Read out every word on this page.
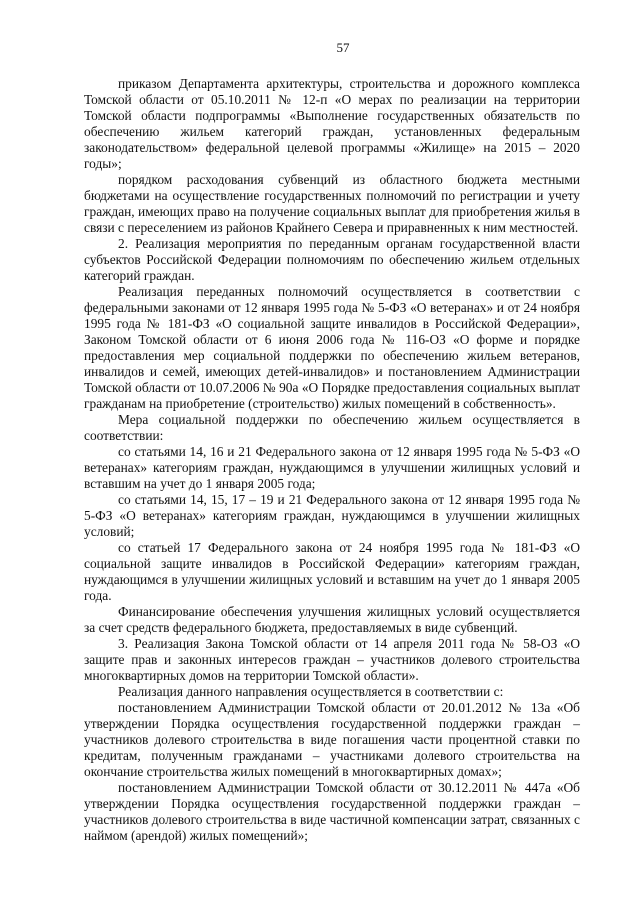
57

приказом Департамента архитектуры, строительства и дорожного комплекса Томской области от 05.10.2011 № 12-п «О мерах по реализации на территории Томской области подпрограммы «Выполнение государственных обязательств по обеспечению жильем категорий граждан, установленных федеральным законодательством» федеральной целевой программы «Жилище» на 2015 – 2020 годы»;

порядком расходования субвенций из областного бюджета местными бюджетами на осуществление государственных полномочий по регистрации и учету граждан, имеющих право на получение социальных выплат для приобретения жилья в связи с переселением из районов Крайнего Севера и приравненных к ним местностей.

2. Реализация мероприятия по переданным органам государственной власти субъектов Российской Федерации полномочиям по обеспечению жильем отдельных категорий граждан.

Реализация переданных полномочий осуществляется в соответствии с федеральными законами от 12 января 1995 года № 5-ФЗ «О ветеранах» и от 24 ноября 1995 года № 181-ФЗ «О социальной защите инвалидов в Российской Федерации», Законом Томской области от 6 июня 2006 года № 116-ОЗ «О форме и порядке предоставления мер социальной поддержки по обеспечению жильем ветеранов, инвалидов и семей, имеющих детей-инвалидов» и постановлением Администрации Томской области от 10.07.2006 № 90а «О Порядке предоставления социальных выплат гражданам на приобретение (строительство) жилых помещений в собственность».

Мера социальной поддержки по обеспечению жильем осуществляется в соответствии:

со статьями 14, 16 и 21 Федерального закона от 12 января 1995 года № 5-ФЗ «О ветеранах» категориям граждан, нуждающимся в улучшении жилищных условий и вставшим на учет до 1 января 2005 года;

со статьями 14, 15, 17 – 19 и 21 Федерального закона от 12 января 1995 года № 5-ФЗ «О ветеранах» категориям граждан, нуждающимся в улучшении жилищных условий;

со статьей 17 Федерального закона от 24 ноября 1995 года № 181-ФЗ «О социальной защите инвалидов в Российской Федерации» категориям граждан, нуждающимся в улучшении жилищных условий и вставшим на учет до 1 января 2005 года.

Финансирование обеспечения улучшения жилищных условий осуществляется за счет средств федерального бюджета, предоставляемых в виде субвенций.

3. Реализация Закона Томской области от 14 апреля 2011 года № 58-ОЗ «О защите прав и законных интересов граждан – участников долевого строительства многоквартирных домов на территории Томской области».

Реализация данного направления осуществляется в соответствии с:

постановлением Администрации Томской области от 20.01.2012 № 13а «Об утверждении Порядка осуществления государственной поддержки граждан – участников долевого строительства в виде погашения части процентной ставки по кредитам, полученным гражданами – участниками долевого строительства на окончание строительства жилых помещений в многоквартирных домах»;

постановлением Администрации Томской области от 30.12.2011 № 447а «Об утверждении Порядка осуществления государственной поддержки граждан – участников долевого строительства в виде частичной компенсации затрат, связанных с наймом (арендой) жилых помещений»;
